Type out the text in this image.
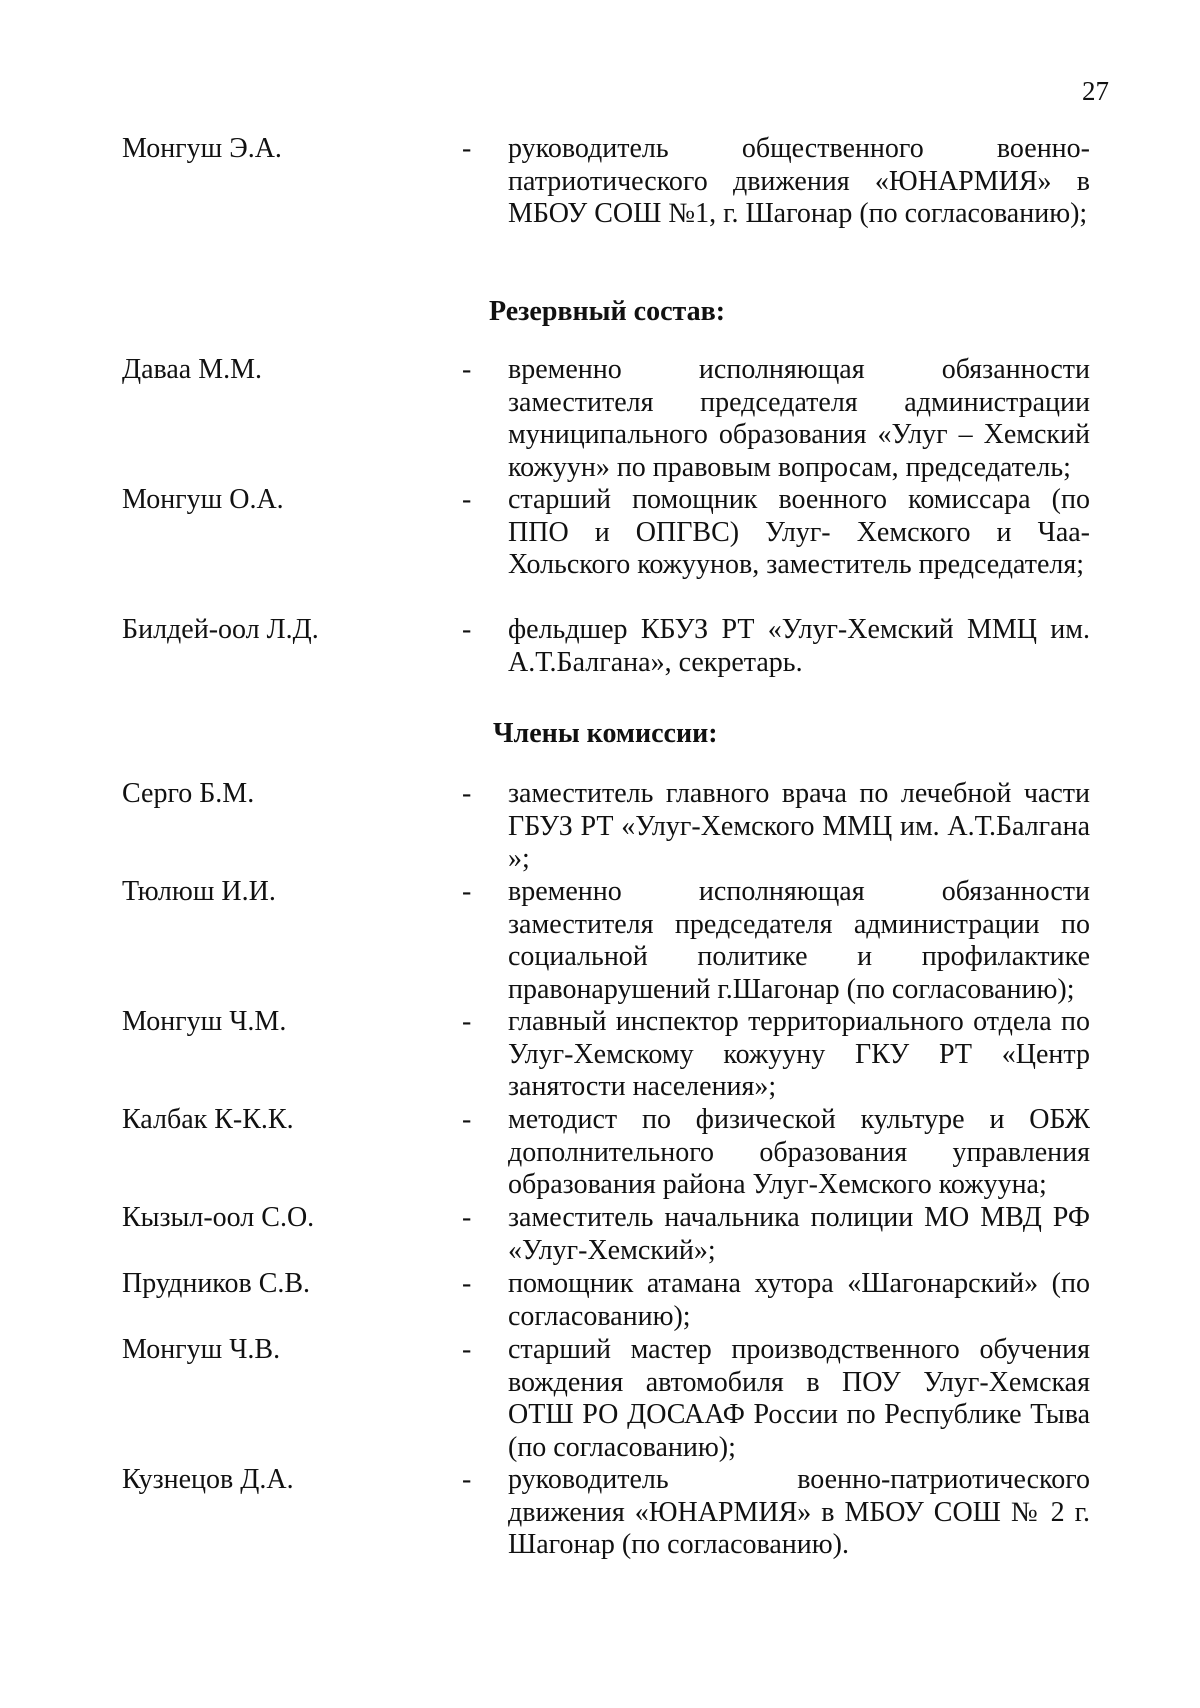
27
Монгуш Э.А.	- руководитель общественного военно-патриотического движения «ЮНАРМИЯ» в МБОУ СОШ №1, г. Шагонар (по согласованию);
Резервный состав:
Даваа М.М.	- временно исполняющая обязанности заместителя председателя администрации муниципального образования «Улуг – Хемский кожуун» по правовым вопросам, председатель;
Монгуш О.А.	- старший помощник военного комиссара (по ППО и ОПГВС) Улуг- Хемского и Чаа-Хольского кожуунов, заместитель председателя;
Билдей-оол Л.Д.	- фельдшер КБУЗ РТ «Улуг-Хемский ММЦ им. А.Т.Балгана», секретарь.
Члены комиссии:
Серго Б.М.	- заместитель главного врача по лечебной части ГБУЗ РТ «Улуг-Хемского ММЦ им. А.Т.Балгана »;
Тюлюш И.И.	- временно исполняющая обязанности заместителя председателя администрации по социальной политике и профилактике правонарушений г.Шагонар (по согласованию);
Монгуш Ч.М.	- главный инспектор территориального отдела по Улуг-Хемскому кожууну ГКУ РТ «Центр занятости населения»;
Калбак К-К.К.	- методист по физической культуре и ОБЖ дополнительного образования управления образования района Улуг-Хемского кожууна;
Кызыл-оол С.О.	- заместитель начальника полиции МО МВД РФ «Улуг-Хемский»;
Прудников С.В.	- помощник атамана хутора «Шагонарский» (по согласованию);
Монгуш Ч.В.	- старший мастер производственного обучения вождения автомобиля в ПОУ Улуг-Хемская ОТШ РО ДОСААФ России по Республике Тыва (по согласованию);
Кузнецов Д.А.	- руководитель военно-патриотического движения «ЮНАРМИЯ» в МБОУ СОШ № 2 г. Шагонар (по согласованию).
